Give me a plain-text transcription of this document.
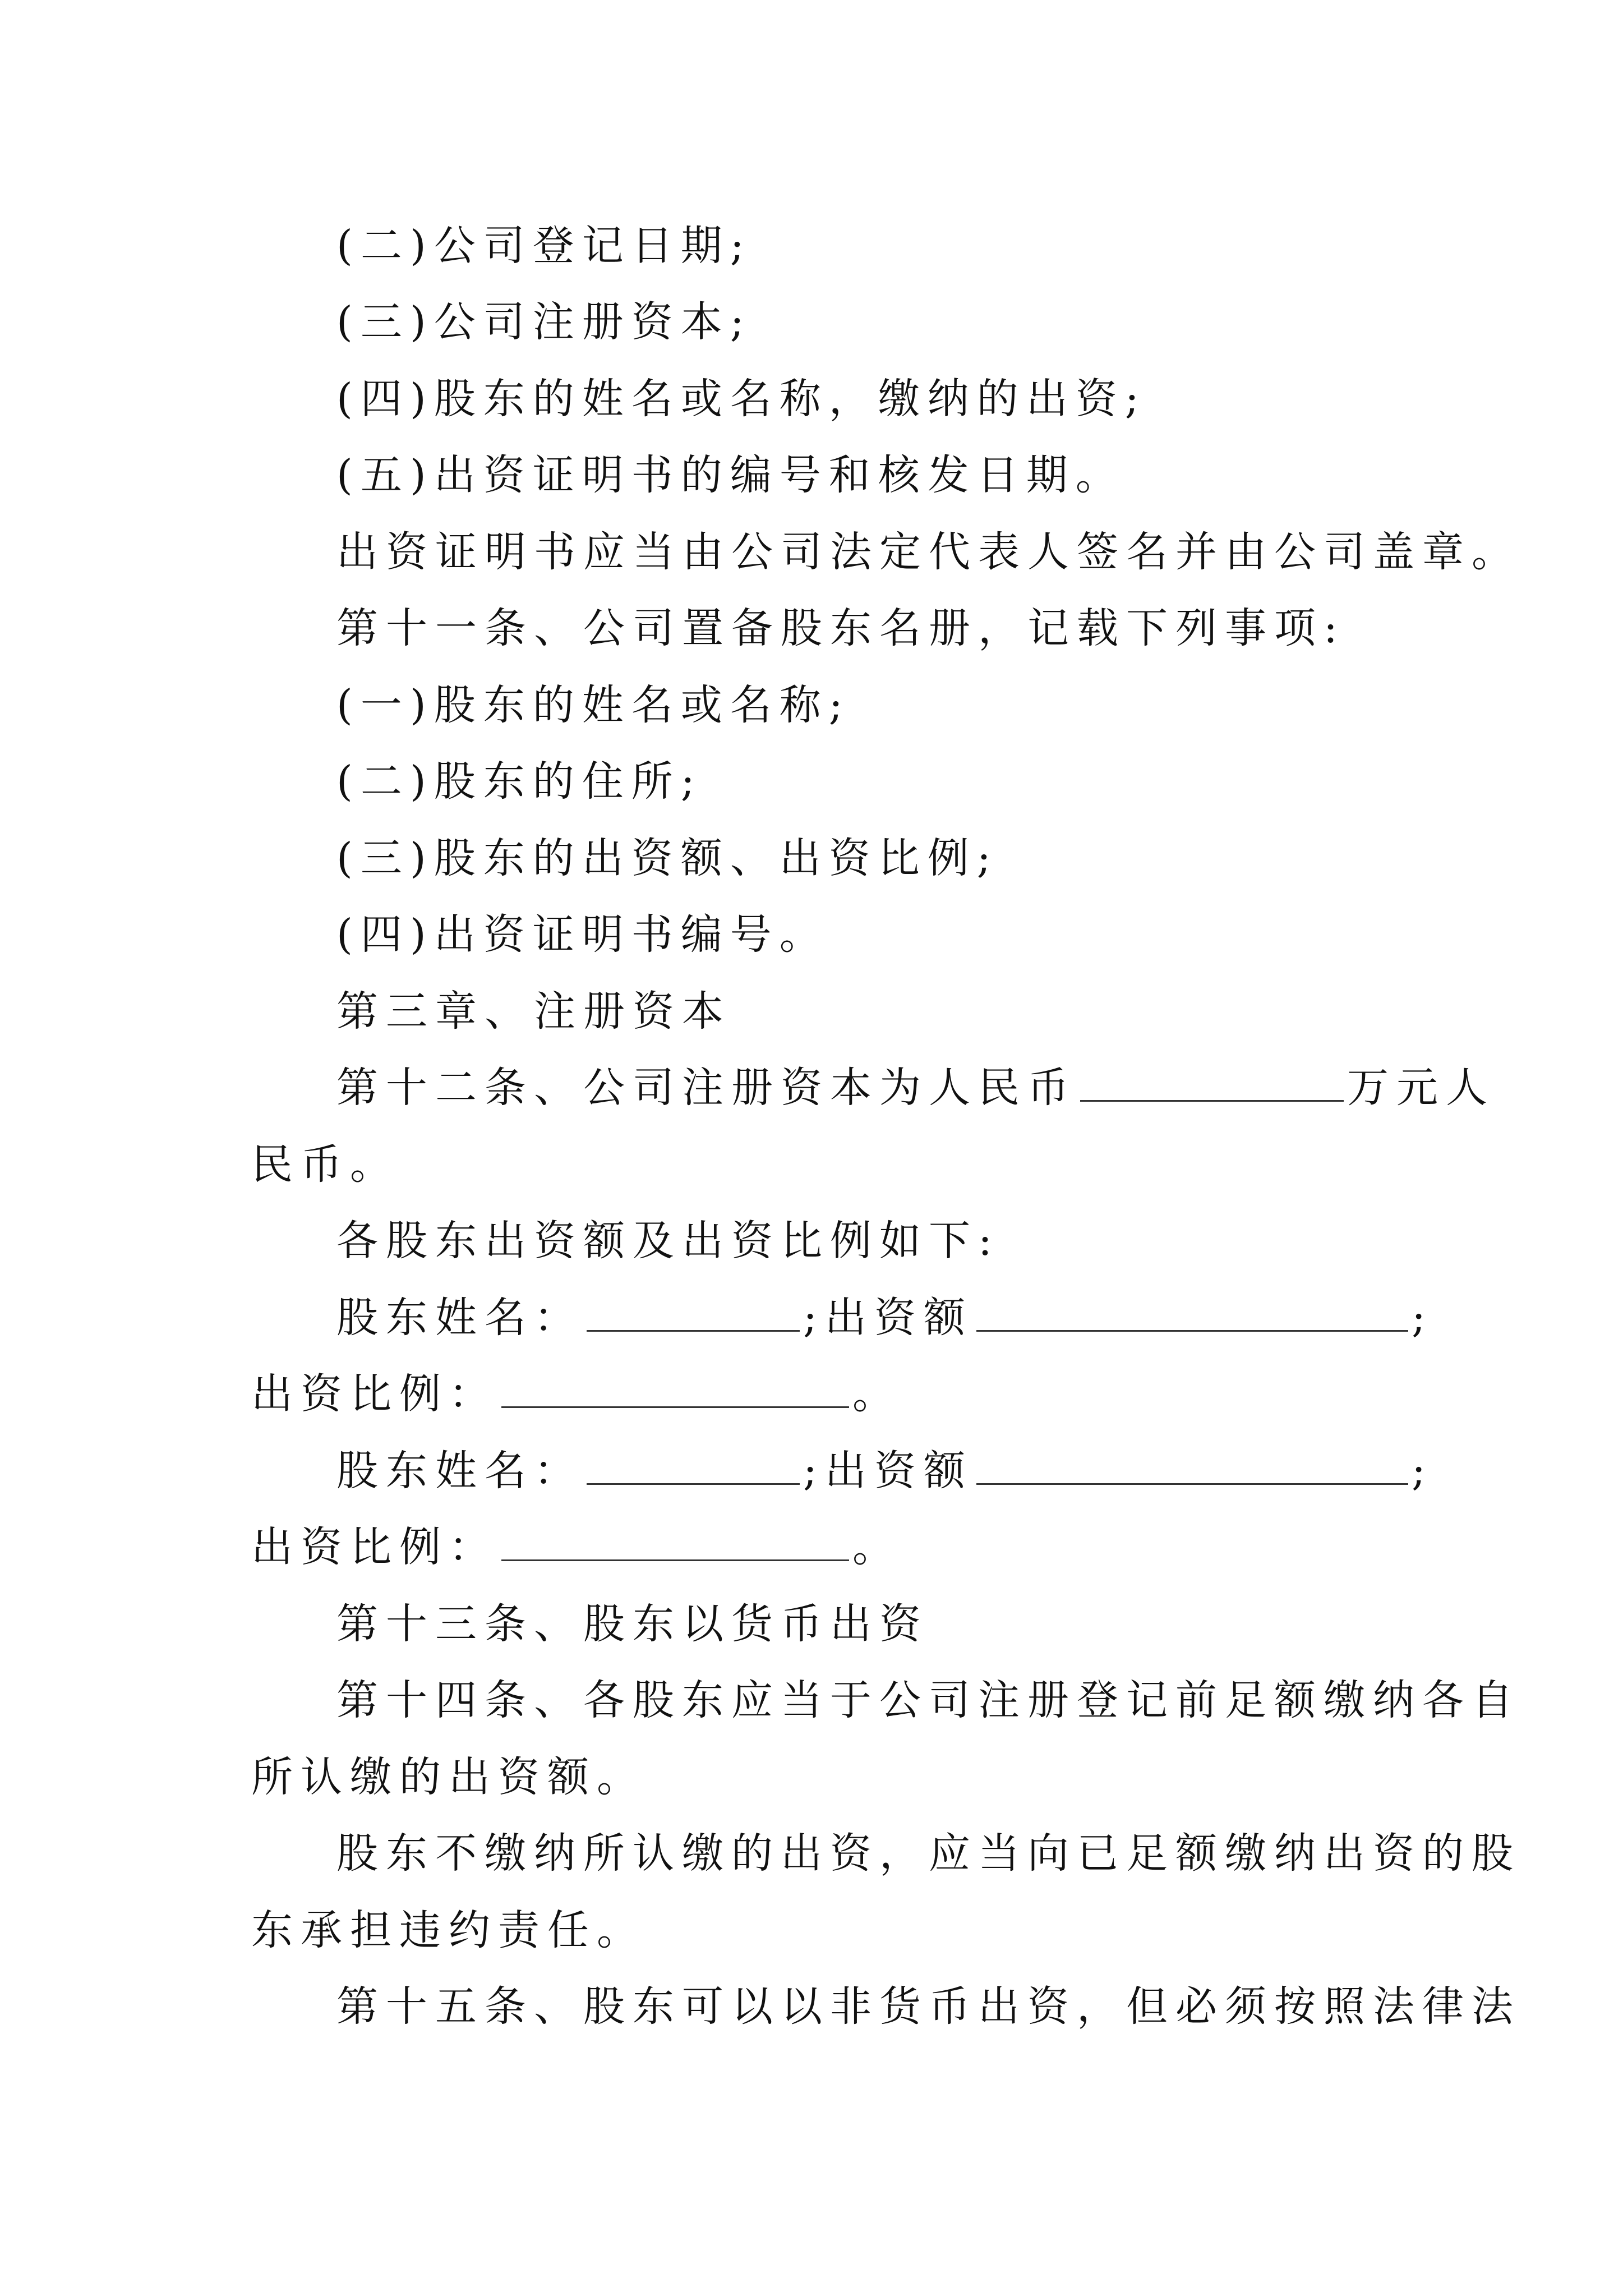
(二)公司登记日期;
(三)公司注册资本;
(四)股东的姓名或名称，缴纳的出资;
(五)出资证明书的编号和核发日期。
出资证明书应当由公司法定代表人签名并由公司盖章。
第十一条、公司置备股东名册，记载下列事项:
(一)股东的姓名或名称;
(二)股东的住所;
(三)股东的出资额、出资比例;
(四)出资证明书编号。
第三章、注册资本
第十二条、公司注册资本为人民币	万元人
民币。
各股东出资额及出资比例如下:
股东姓名：	;出资额	;
出资比例：	。
股东姓名：	;出资额	;
出资比例：	。
第十三条、股东以货币出资
第十四条、各股东应当于公司注册登记前足额缴纳各自
所认缴的出资额。
股东不缴纳所认缴的出资，应当向已足额缴纳出资的股
东承担违约责任。
第十五条、股东可以以非货币出资，但必须按照法律法
